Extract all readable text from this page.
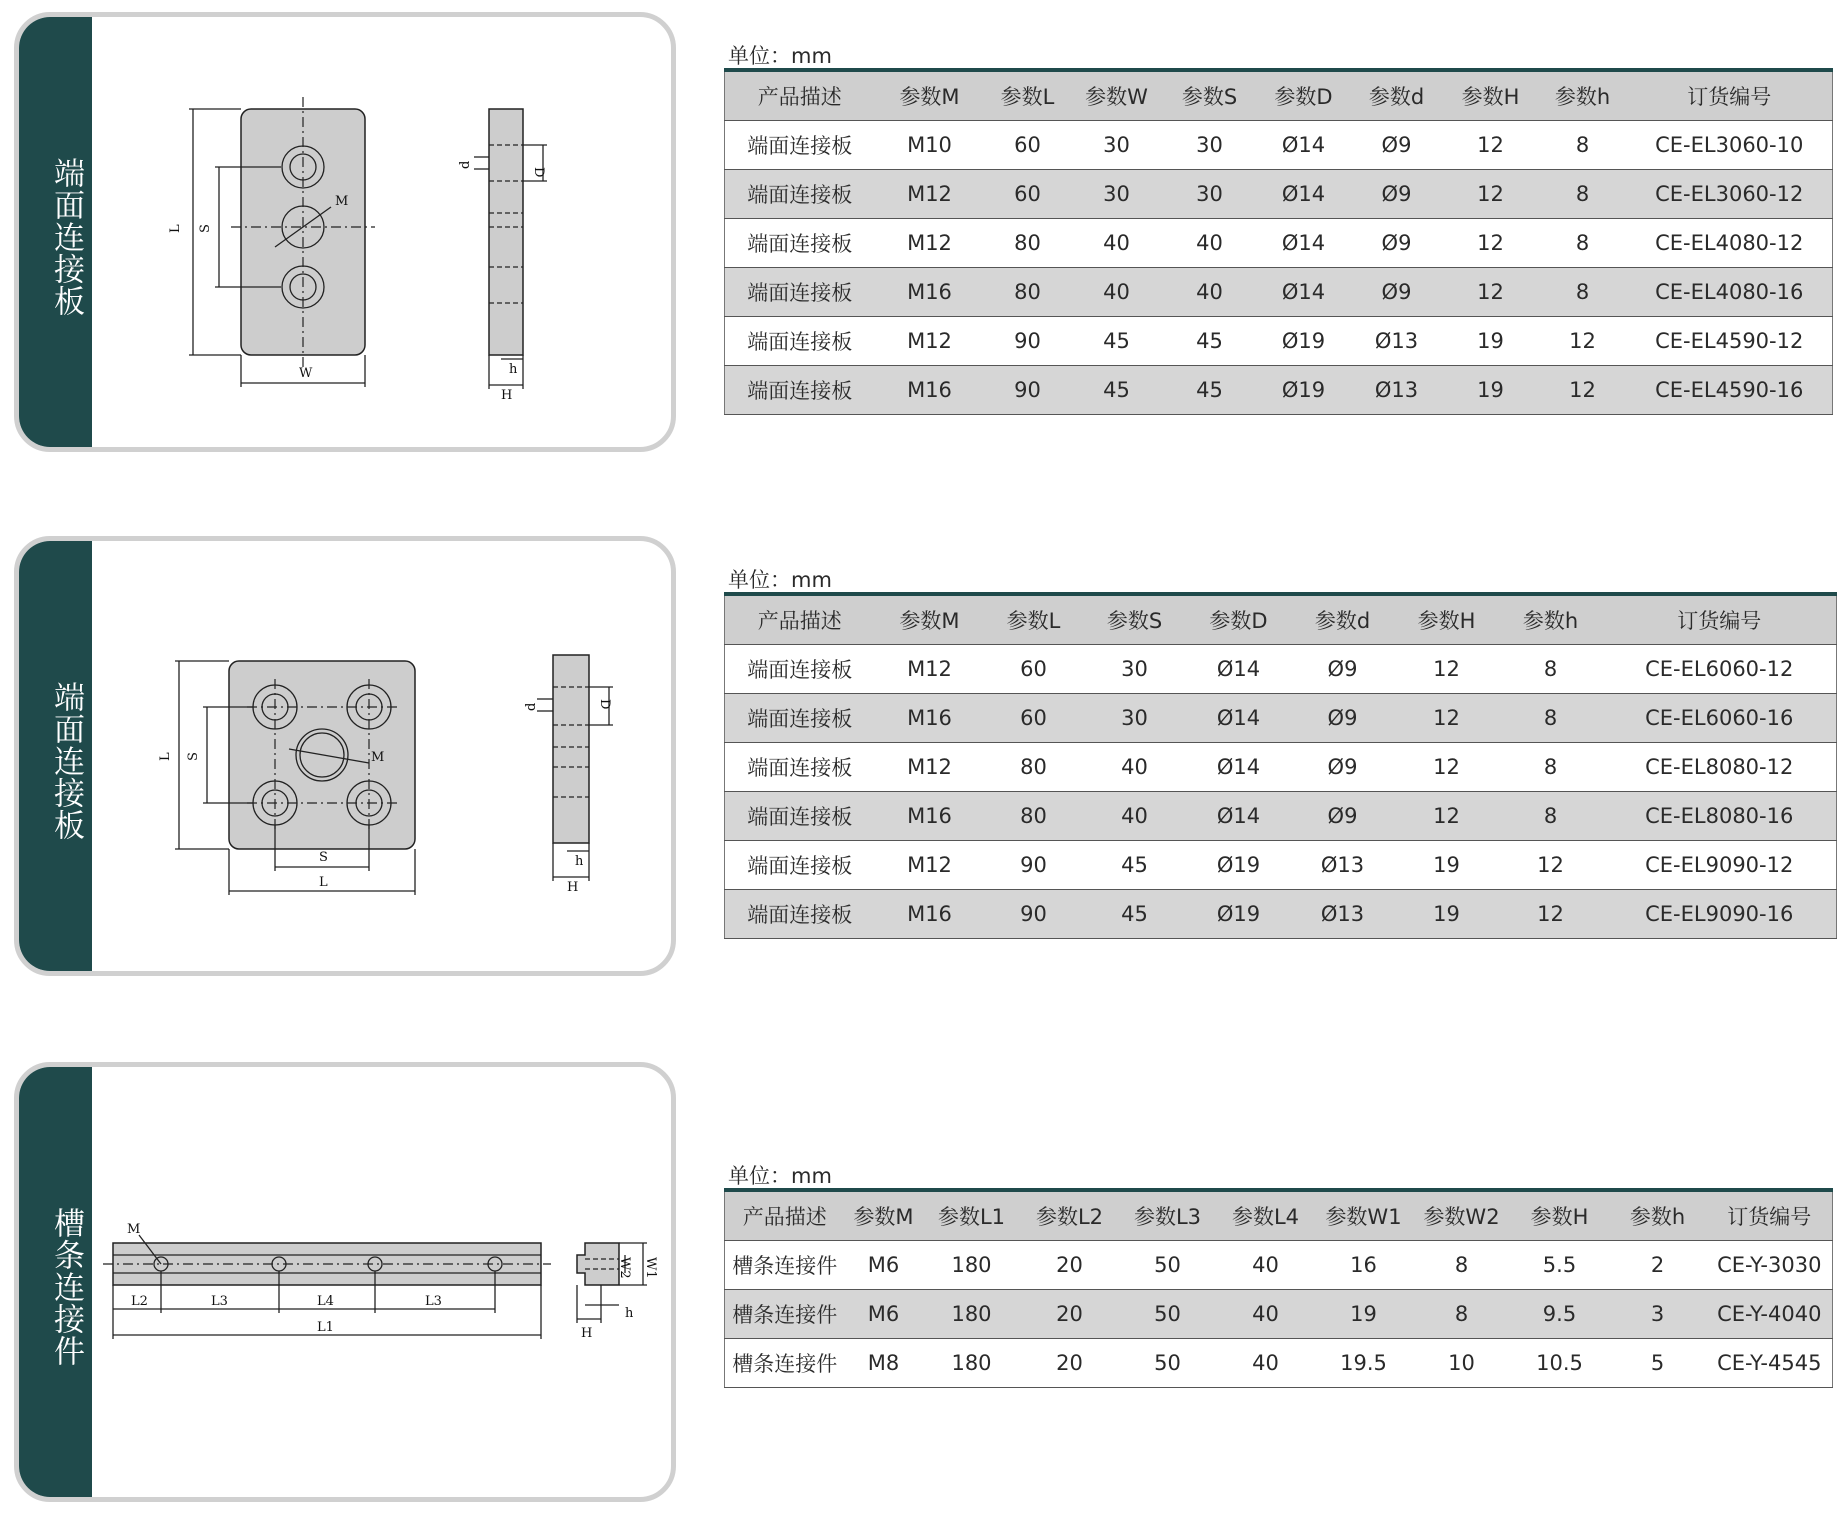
端面连接板	L S
W
M
d
D
h
H
单位：mm
产品描述	参数M	参数L	参数W	参数S	参数D	参数d	参数H	参数h	订货编号
端面连接板	M10	60	30	30	Ø14	Ø9	12	8	CE-EL3060-10
端面连接板	M12	60	30	30	Ø14	Ø9	12	8	CE-EL3060-12
端面连接板	M12	80	40	40	Ø14	Ø9	12	8	CE-EL4080-12
端面连接板	M16	80	40	40	Ø14	Ø9	12	8	CE-EL4080-16
端面连接板	M12	90	45	45	Ø19	Ø13	19	12	CE-EL4590-12
端面连接板	M16	90	45	45	Ø19	Ø13	19	12	CE-EL4590-16
端面连接板	L S
S
L
M
d	D
h
H
单位：mm
产品描述	参数M	参数L	参数S	参数D	参数d	参数H	参数h	订货编号
端面连接板	M12	60	30	Ø14	Ø9	12	8	CE-EL6060-12
端面连接板	M16	60	30	Ø14	Ø9	12	8	CE-EL6060-16
端面连接板	M12	80	40	Ø14	Ø9	12	8	CE-EL8080-12
端面连接板	M16	80	40	Ø14	Ø9	12	8	CE-EL8080-16
端面连接板	M12	90	45	Ø19	Ø13	19	12	CE-EL9090-12
端面连接板	M16	90	45	Ø19	Ø13	19	12	CE-EL9090-16
槽条连接件	M
L2	L3	L4	L3
L1
W2 W1
h
H
单位：mm
产品描述	参数M	参数L1	参数L2	参数L3	参数L4	参数W1	参数W2	参数H	参数h	订货编号
槽条连接件	M6	180	20	50	40	16	8	5.5	2	CE-Y-3030
槽条连接件	M6	180	20	50	40	19	8	9.5	3	CE-Y-4040
槽条连接件	M8	180	20	50	40	19.5	10	10.5	5	CE-Y-4545
